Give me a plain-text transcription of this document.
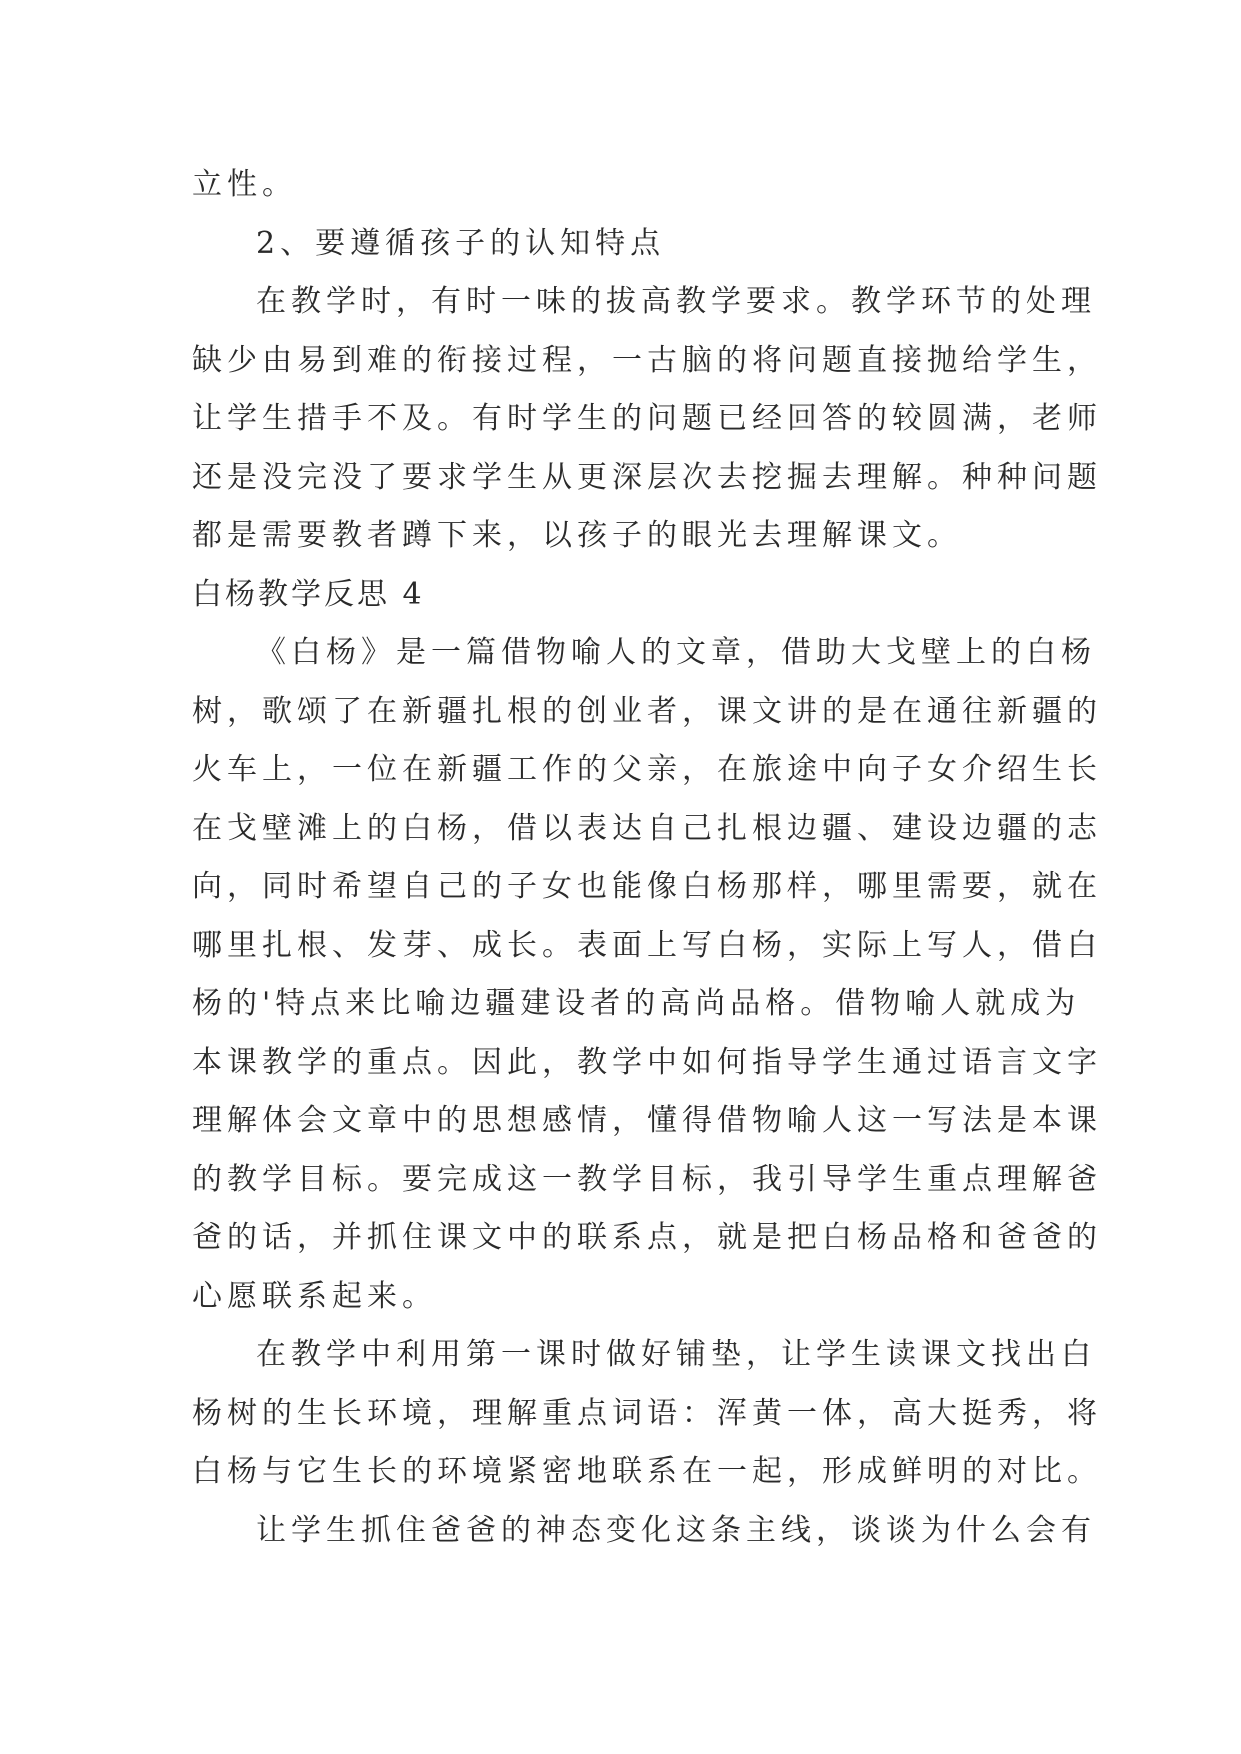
立性。
2、要遵循孩子的认知特点
在教学时，有时一味的拔高教学要求。教学环节的处理
缺少由易到难的衔接过程，一古脑的将问题直接抛给学生，
让学生措手不及。有时学生的问题已经回答的较圆满，老师
还是没完没了要求学生从更深层次去挖掘去理解。种种问题
都是需要教者蹲下来，以孩子的眼光去理解课文。
白杨教学反思 4
《白杨》是一篇借物喻人的文章，借助大戈壁上的白杨
树，歌颂了在新疆扎根的创业者，课文讲的是在通往新疆的
火车上，一位在新疆工作的父亲，在旅途中向子女介绍生长
在戈壁滩上的白杨，借以表达自己扎根边疆、建设边疆的志
向，同时希望自己的子女也能像白杨那样，哪里需要，就在
哪里扎根、发芽、成长。表面上写白杨，实际上写人，借白
杨的'特点来比喻边疆建设者的高尚品格。借物喻人就成为
本课教学的重点。因此，教学中如何指导学生通过语言文字
理解体会文章中的思想感情，懂得借物喻人这一写法是本课
的教学目标。要完成这一教学目标，我引导学生重点理解爸
爸的话，并抓住课文中的联系点，就是把白杨品格和爸爸的
心愿联系起来。
在教学中利用第一课时做好铺垫，让学生读课文找出白
杨树的生长环境，理解重点词语：浑黄一体，高大挺秀，将
白杨与它生长的环境紧密地联系在一起，形成鲜明的对比。
让学生抓住爸爸的神态变化这条主线，谈谈为什么会有
